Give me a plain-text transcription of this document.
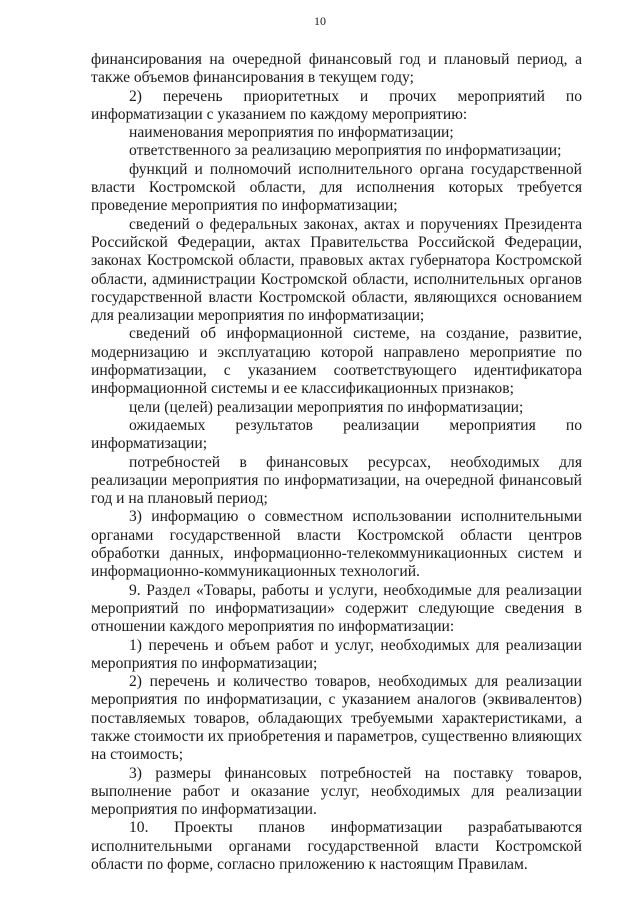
10

финансирования на очередной финансовый год и плановый период, а также объемов финансирования в текущем году;

2) перечень приоритетных и прочих мероприятий по информатизации с указанием по каждому мероприятию:

наименования мероприятия по информатизации;

ответственного за реализацию мероприятия по информатизации;

функций и полномочий исполнительного органа государственной власти Костромской области, для исполнения которых требуется проведение мероприятия по информатизации;

сведений о федеральных законах, актах и поручениях Президента Российской Федерации, актах Правительства Российской Федерации, законах Костромской области, правовых актах губернатора Костромской области, администрации Костромской области, исполнительных органов государственной власти Костромской области, являющихся основанием для реализации мероприятия по информатизации;

сведений об информационной системе, на создание, развитие, модернизацию и эксплуатацию которой направлено мероприятие по информатизации, с указанием соответствующего идентификатора информационной системы и ее классификационных признаков;

цели (целей) реализации мероприятия по информатизации;

ожидаемых результатов реализации мероприятия по информатизации;

потребностей в финансовых ресурсах, необходимых для реализации мероприятия по информатизации, на очередной финансовый год и на плановый период;

3) информацию о совместном использовании исполнительными органами государственной власти Костромской области центров обработки данных, информационно-телекоммуникационных систем и информационно-коммуникационных технологий.

9. Раздел «Товары, работы и услуги, необходимые для реализации мероприятий по информатизации» содержит следующие сведения в отношении каждого мероприятия по информатизации:

1) перечень и объем работ и услуг, необходимых для реализации мероприятия по информатизации;

2) перечень и количество товаров, необходимых для реализации мероприятия по информатизации, с указанием аналогов (эквивалентов) поставляемых товаров, обладающих требуемыми характеристиками, а также стоимости их приобретения и параметров, существенно влияющих на стоимость;

3) размеры финансовых потребностей на поставку товаров, выполнение работ и оказание услуг, необходимых для реализации мероприятия по информатизации.

10. Проекты планов информатизации разрабатываются исполнительными органами государственной власти Костромской области по форме, согласно приложению к настоящим Правилам.
